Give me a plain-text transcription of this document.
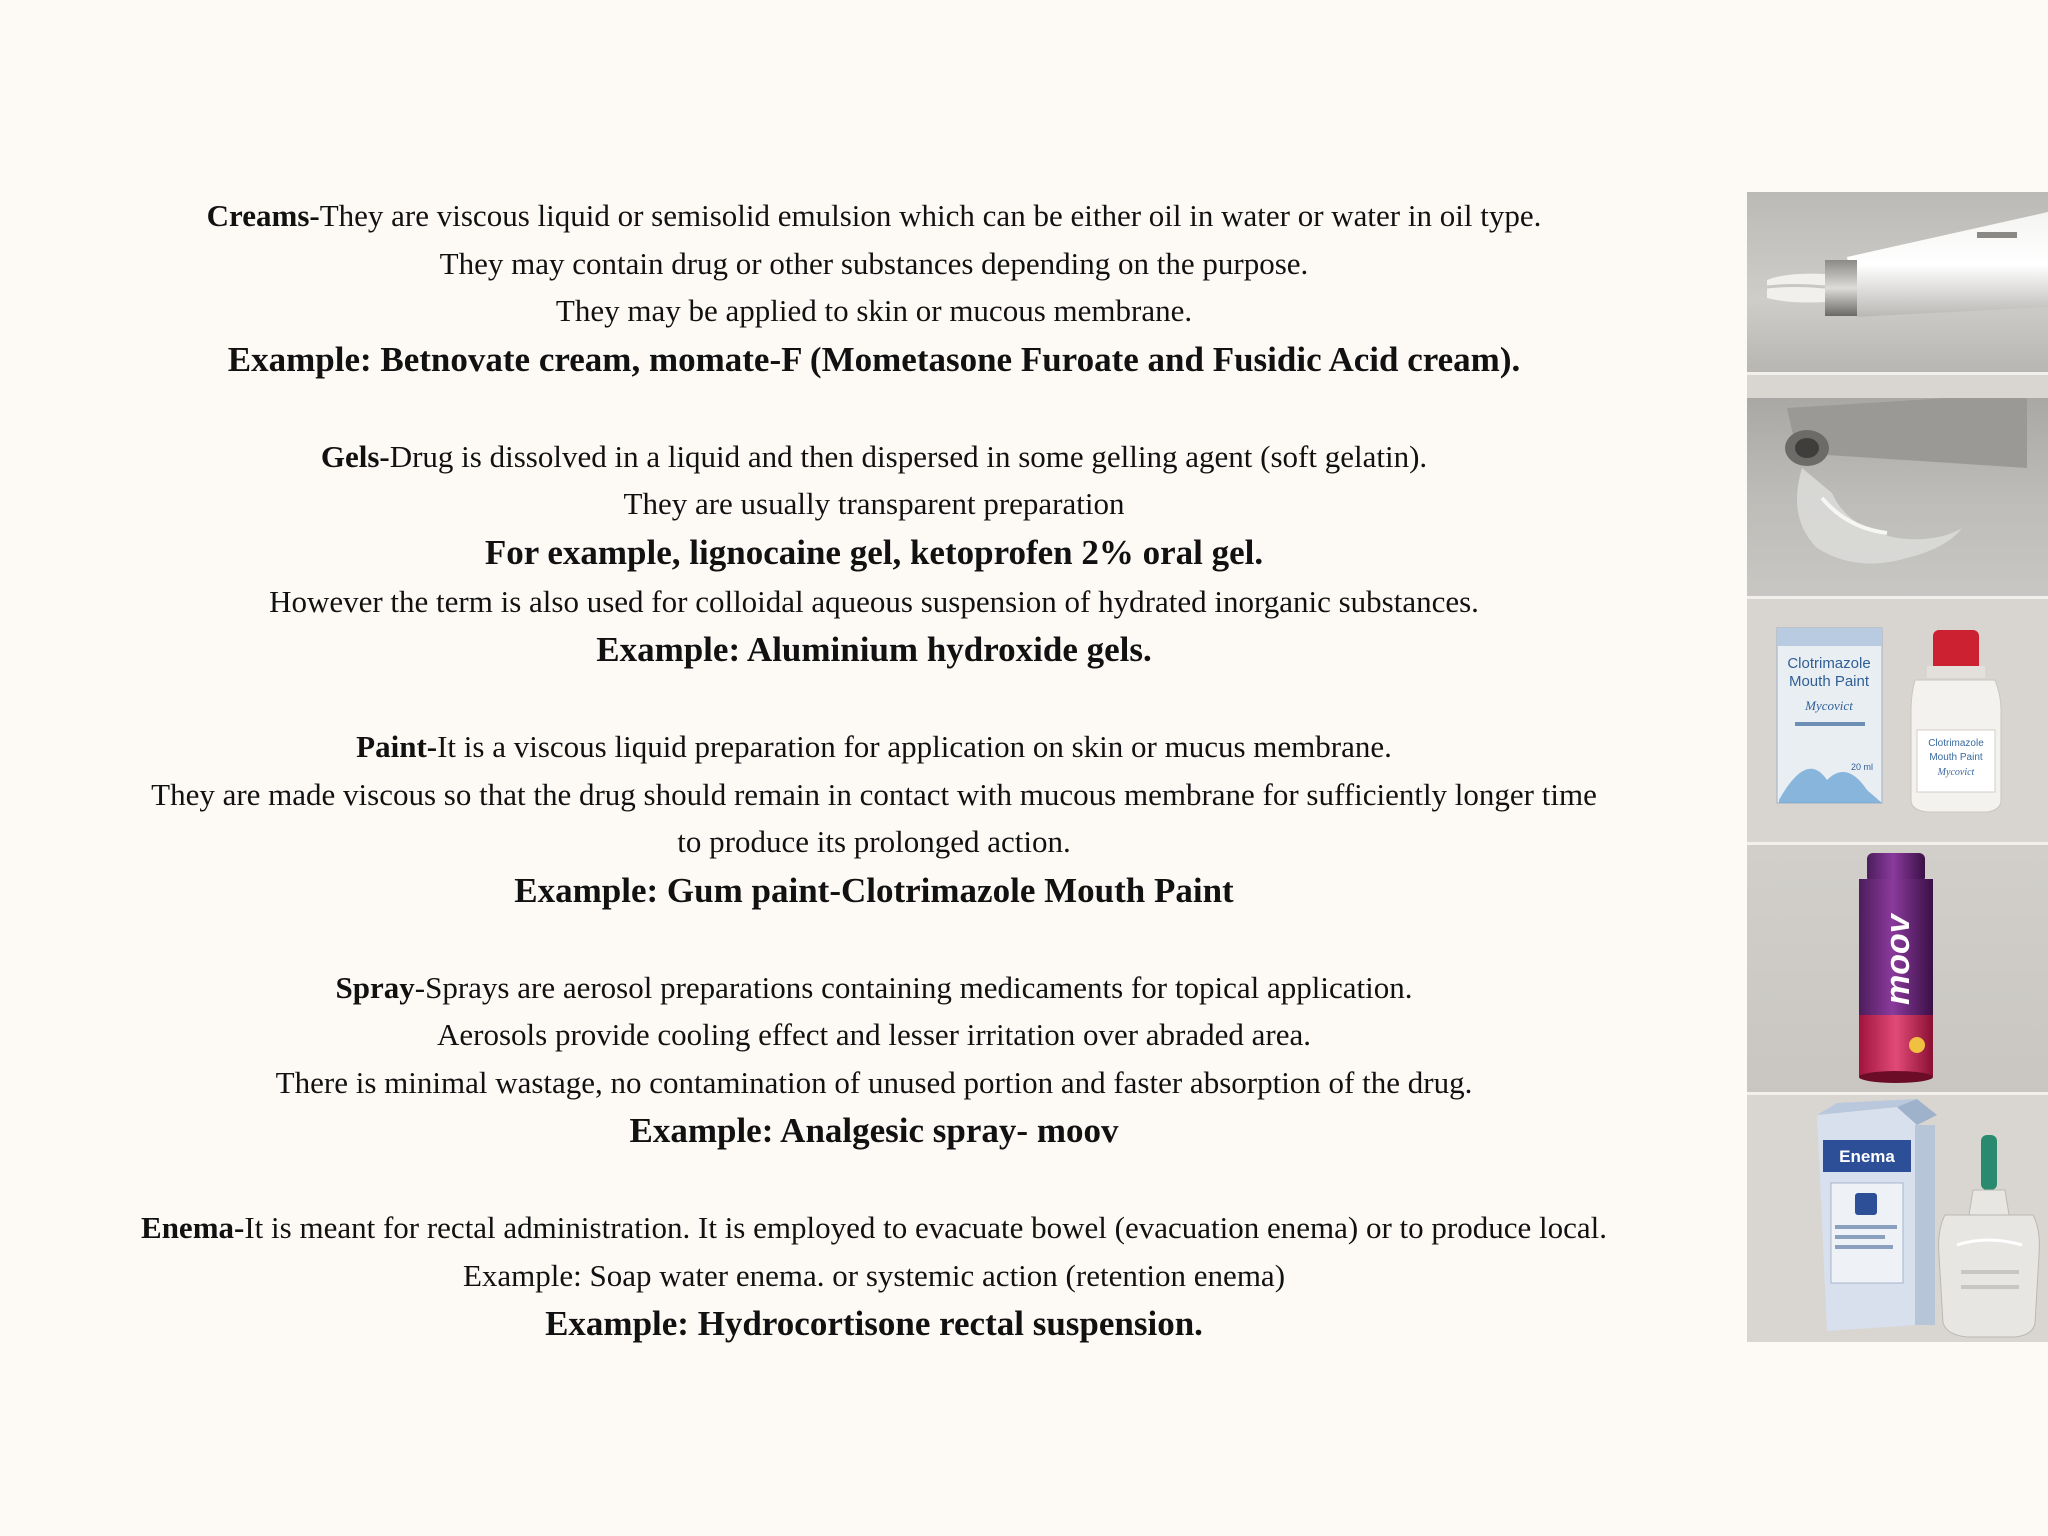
Creams-They are viscous liquid or semisolid emulsion which can be either oil in water or water in oil type.
They may contain drug or other substances depending on the purpose.
They may be applied to skin or mucous membrane.
Example: Betnovate cream, momate-F (Mometasone Furoate and Fusidic Acid cream).
Gels-Drug is dissolved in a liquid and then dispersed in some gelling agent (soft gelatin).
They are usually transparent preparation
For example, lignocaine gel, ketoprofen 2% oral gel.
However the term is also used for colloidal aqueous suspension of hydrated inorganic substances.
Example: Aluminium hydroxide gels.
Paint-It is a viscous liquid preparation for application on skin or mucus membrane.
They are made viscous so that the drug should remain in contact with mucous membrane for sufficiently longer time
to produce its prolonged action.
Example: Gum paint-Clotrimazole Mouth Paint
Spray-Sprays are aerosol preparations containing medicaments for topical application.
Aerosols provide cooling effect and lesser irritation over abraded area.
There is minimal wastage, no contamination of unused portion and faster absorption of the drug.
Example: Analgesic spray- moov
Enema-It is meant for rectal administration. It is employed to evacuate bowel (evacuation enema) or to produce local.
Example: Soap water enema. or systemic action (retention enema)
Example: Hydrocortisone rectal suspension.
Clotrimazole
Mouth Paint
Mycovict
20 ml
Clotrimazole
Mouth Paint
Mycovict
moov
Enema
